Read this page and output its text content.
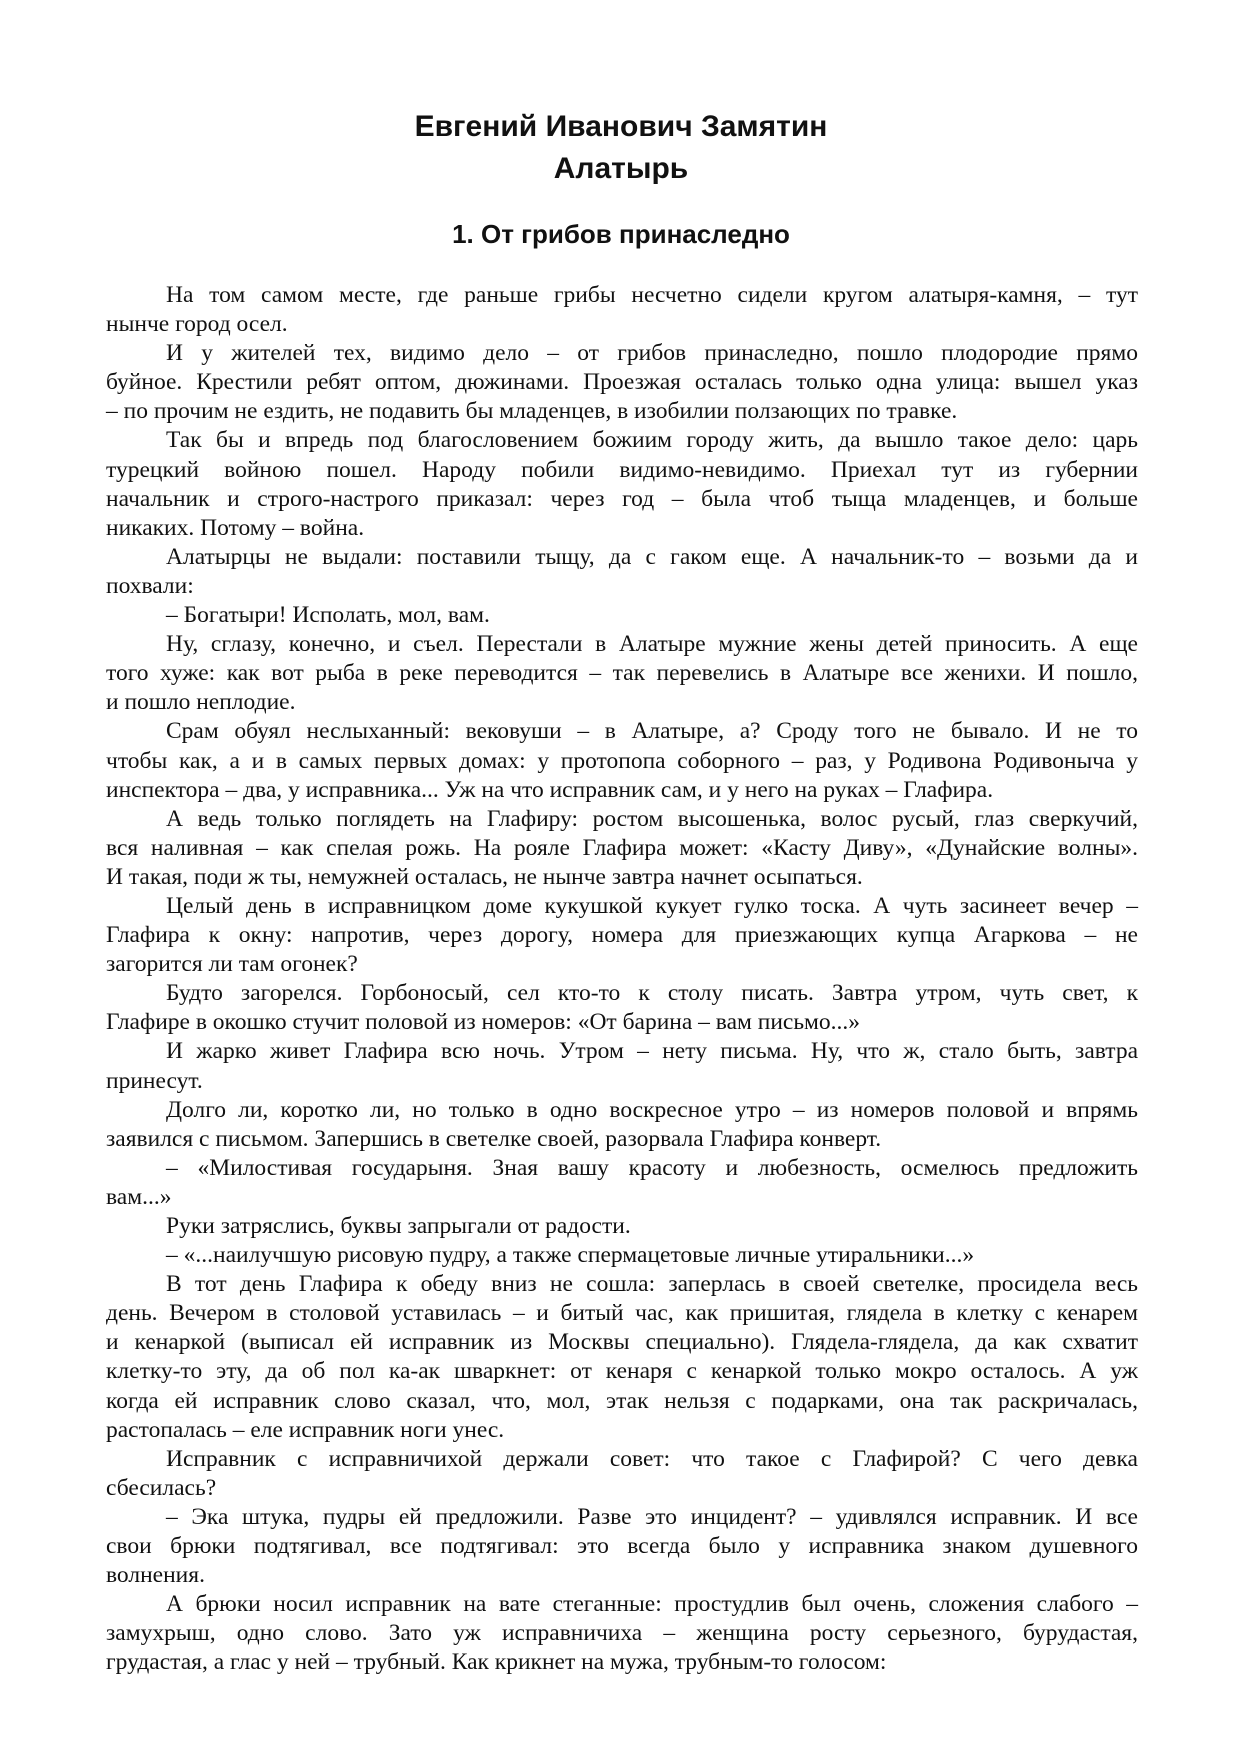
Евгений Иванович Замятин
Алатырь
1. От грибов принаследно
На том самом месте, где раньше грибы несчетно сидели кругом алатыря-камня, – тут
нынче город осел.
И у жителей тех, видимо дело – от грибов принаследно, пошло плодородие прямо
буйное. Крестили ребят оптом, дюжинами. Проезжая осталась только одна улица: вышел указ
– по прочим не ездить, не подавить бы младенцев, в изобилии ползающих по травке.
Так бы и впредь под благословением божиим городу жить, да вышло такое дело: царь
турецкий войною пошел. Народу побили видимо-невидимо. Приехал тут из губернии
начальник и строго-настрого приказал: через год – была чтоб тыща младенцев, и больше
никаких. Потому – война.
Алатырцы не выдали: поставили тыщу, да с гаком еще. А начальник-то – возьми да и
похвали:
– Богатыри! Исполать, мол, вам.
Ну, сглазу, конечно, и съел. Перестали в Алатыре мужние жены детей приносить. А еще
того хуже: как вот рыба в реке переводится – так перевелись в Алатыре все женихи. И пошло,
и пошло неплодие.
Срам обуял неслыханный: вековуши – в Алатыре, а? Сроду того не бывало. И не то
чтобы как, а и в самых первых домах: у протопопа соборного – раз, у Родивона Родивоныча у
инспектора – два, у исправника... Уж на что исправник сам, и у него на руках – Глафира.
А ведь только поглядеть на Глафиру: ростом высошенька, волос русый, глаз сверкучий,
вся наливная – как спелая рожь. На рояле Глафира может: «Касту Диву», «Дунайские волны».
И такая, поди ж ты, немужней осталась, не нынче завтра начнет осыпаться.
Целый день в исправницком доме кукушкой кукует гулко тоска. А чуть засинеет вечер –
Глафира к окну: напротив, через дорогу, номера для приезжающих купца Агаркова – не
загорится ли там огонек?
Будто загорелся. Горбоносый, сел кто-то к столу писать. Завтра утром, чуть свет, к
Глафире в окошко стучит половой из номеров: «От барина – вам письмо...»
И жарко живет Глафира всю ночь. Утром – нету письма. Ну, что ж, стало быть, завтра
принесут.
Долго ли, коротко ли, но только в одно воскресное утро – из номеров половой и впрямь
заявился с письмом. Запершись в светелке своей, разорвала Глафира конверт.
– «Милостивая государыня. Зная вашу красоту и любезность, осмелюсь предложить
вам...»
Руки затряслись, буквы запрыгали от радости.
– «...наилучшую рисовую пудру, а также спермацетовые личные утиральники...»
В тот день Глафира к обеду вниз не сошла: заперлась в своей светелке, просидела весь
день. Вечером в столовой уставилась – и битый час, как пришитая, глядела в клетку с кенарем
и кенаркой (выписал ей исправник из Москвы специально). Глядела-глядела, да как схватит
клетку-то эту, да об пол ка-ак шваркнет: от кенаря с кенаркой только мокро осталось. А уж
когда ей исправник слово сказал, что, мол, этак нельзя с подарками, она так раскричалась,
растопалась – еле исправник ноги унес.
Исправник с исправничихой держали совет: что такое с Глафирой? С чего девка
сбесилась?
– Эка штука, пудры ей предложили. Разве это инцидент? – удивлялся исправник. И все
свои брюки подтягивал, все подтягивал: это всегда было у исправника знаком душевного
волнения.
А брюки носил исправник на вате стеганные: простудлив был очень, сложения слабого –
замухрыш, одно слово. Зато уж исправничиха – женщина росту серьезного, бурудастая,
грудастая, а глас у ней – трубный. Как крикнет на мужа, трубным-то голосом:
